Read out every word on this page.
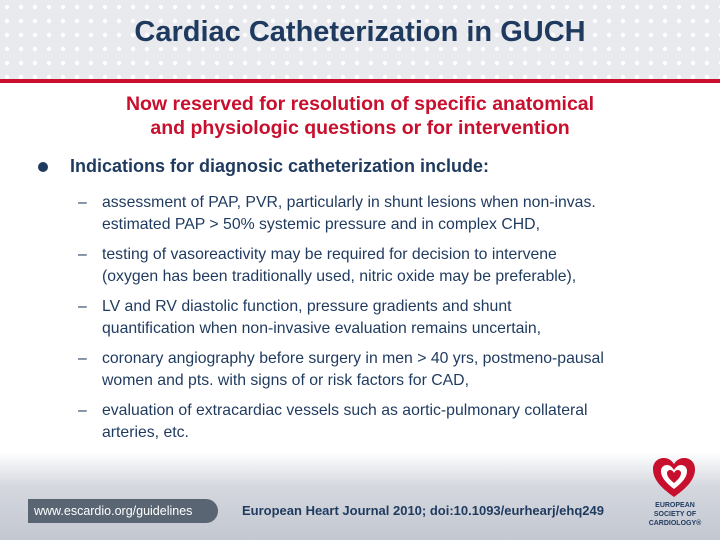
Cardiac Catheterization in GUCH
Now reserved for resolution of specific anatomical
and physiologic questions or for intervention
Indications for diagnosic catheterization include:
– assessment of PAP, PVR, particularly in shunt lesions when non-invas.
estimated PAP > 50% systemic pressure and in complex CHD,
– testing of vasoreactivity may be required for decision to intervene
(oxygen has been traditionally used, nitric oxide may be preferable),
– LV and RV diastolic function, pressure gradients and shunt
quantification when non-invasive evaluation remains uncertain,
– coronary angiography before surgery in men > 40 yrs, postmeno-pausal
women and pts. with signs of or risk factors for CAD,
– evaluation of extracardiac vessels such as aortic-pulmonary collateral
arteries, etc.
www.escardio.org/guidelines	European Heart Journal 2010; doi:10.1093/eurhearj/ehq249	EUROPEAN
SOCIETY OF
CARDIOLOGY®
